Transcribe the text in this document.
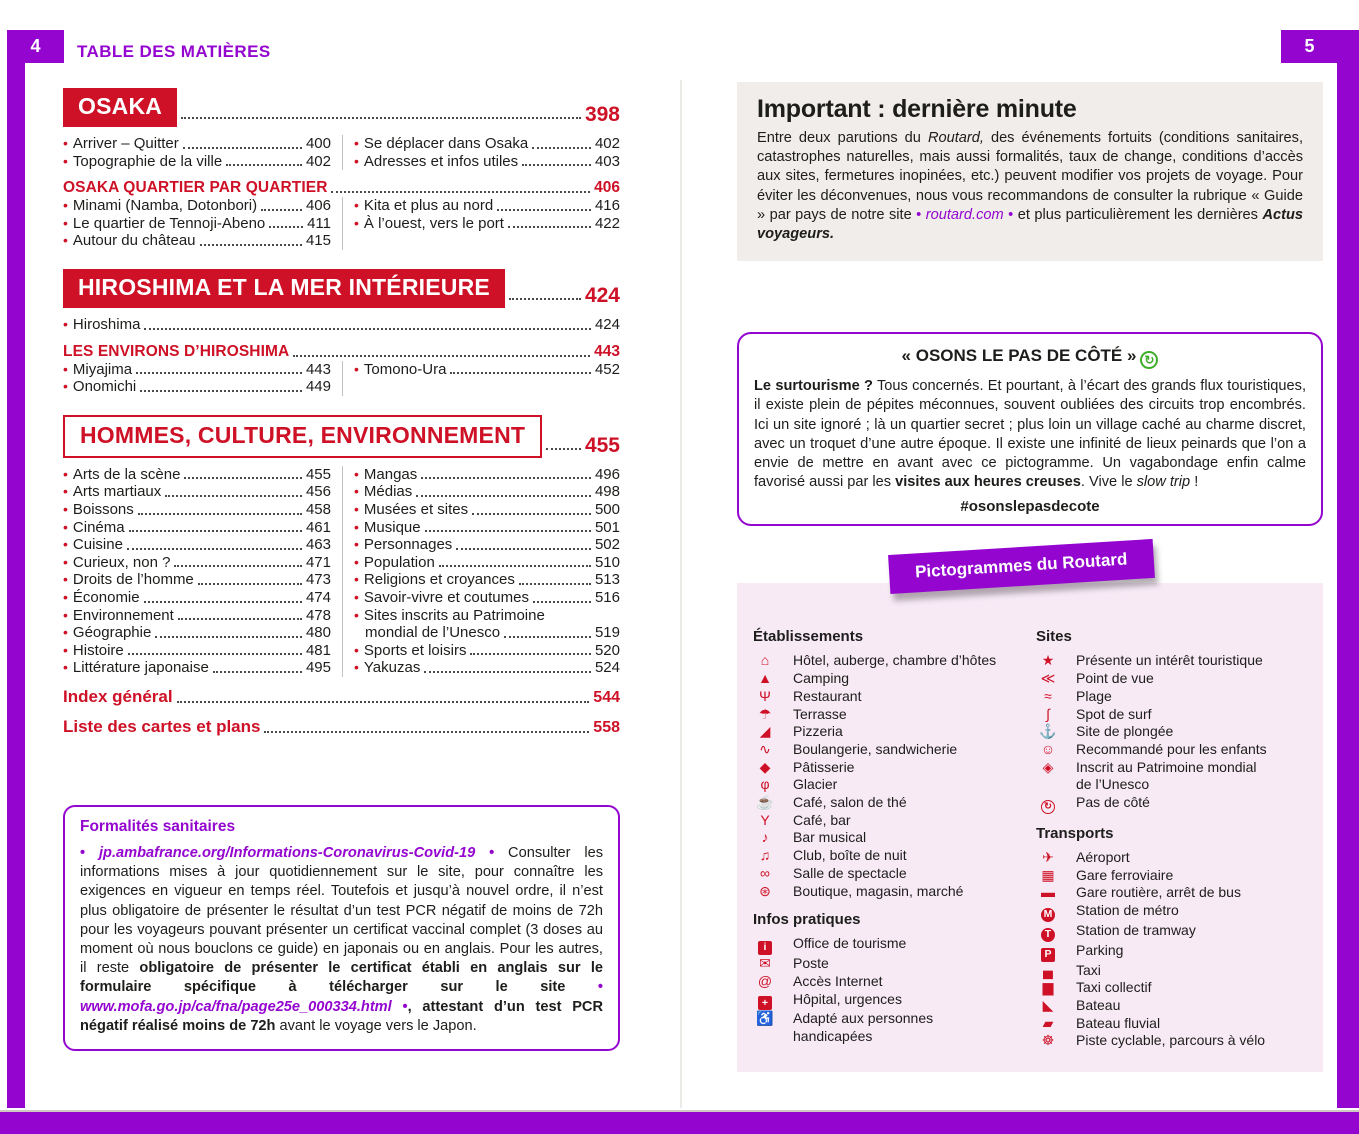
4	5
TABLE DES MATIÈRES
OSAKA	398
• Arriver – Quitter	400
• Topographie de la ville	402
• Se déplacer dans Osaka	402
• Adresses et infos utiles	403
OSAKA QUARTIER PAR QUARTIER	406
• Minami (Namba, Dotonbori)	406
• Le quartier de Tennoji-Abeno	411
• Autour du château	415
• Kita et plus au nord	416
• À l’ouest, vers le port	422
HIROSHIMA ET LA MER INTÉRIEURE	424
• Hiroshima	424
LES ENVIRONS D’HIROSHIMA	443
• Miyajima	443
• Onomichi	449
• Tomono-Ura	452
HOMMES, CULTURE, ENVIRONNEMENT	455
• Arts de la scène	455
• Arts martiaux	456
• Boissons	458
• Cinéma	461
• Cuisine	463
• Curieux, non ?	471
• Droits de l’homme	473
• Économie	474
• Environnement	478
• Géographie	480
• Histoire	481
• Littérature japonaise	495
• Mangas	496
• Médias	498
• Musées et sites	500
• Musique	501
• Personnages	502
• Population	510
• Religions et croyances	513
• Savoir-vivre et coutumes	516
• Sites inscrits au Patrimoine
mondial de l’Unesco	519
• Sports et loisirs	520
• Yakuzas	524
Index général	544
Liste des cartes et plans	558
Formalités sanitaires

• jp.ambafrance.org/Informations-Coronavirus-Covid-19 • Consulter les informations mises à jour quotidiennement sur le site, pour connaître les exigences en vigueur en temps réel. Toutefois et jusqu’à nouvel ordre, il n’est plus obligatoire de présenter le résultat d’un test PCR négatif de moins de 72h pour les voyageurs pouvant présenter un certificat vaccinal complet (3 doses au moment où nous bouclons ce guide) en japonais ou en anglais. Pour les autres, il reste obligatoire de présenter le certificat établi en anglais sur le formulaire spécifique à télécharger sur le site • www.mofa.go.jp/ca/fna/page25e_000334.html •, attestant d’un test PCR négatif réalisé moins de 72h avant le voyage vers le Japon.

Important : dernière minute

Entre deux parutions du Routard, des événements fortuits (conditions sanitaires, catastrophes naturelles, mais aussi formalités, taux de change, conditions d’accès aux sites, fermetures inopinées, etc.) peuvent modifier vos projets de voyage. Pour éviter les déconvenues, nous vous recommandons de consulter la rubrique « Guide » par pays de notre site • routard.com • et plus particulièrement les dernières Actus voyageurs.

« OSONS LE PAS DE CÔTÉ » ↻

Le surtourisme ? Tous concernés. Et pourtant, à l’écart des grands flux touristiques, il existe plein de pépites méconnues, souvent oubliées des circuits trop encombrés. Ici un site ignoré ; là un quartier secret ; plus loin un village caché au charme discret, avec un troquet d’une autre époque. Il existe une infinité de lieux peinards que l’on a envie de mettre en avant avec ce pictogramme. Un vagabondage enfin calme favorisé aussi par les visites aux heures creuses. Vive le slow trip !

#osonslepasdecote
Pictogrammes du Routard
Établissements
⌂	Hôtel, auberge, chambre d’hôtes
▲	Camping
Ψ	Restaurant
☂	Terrasse
◢	Pizzeria
∿	Boulangerie, sandwicherie
◆	Pâtisserie
φ	Glacier
☕ Café, salon de thé
Y	Café, bar
♪	Bar musical
♫	Club, boîte de nuit
∞	Salle de spectacle
⊛	Boutique, magasin, marché
Infos pratiques
i	Office de tourisme
✉	Poste
@	Accès Internet
+	Hôpital, urgences
♿ Adapté aux personnes
handicapées
Sites
★	Présente un intérêt touristique
≪	Point de vue
≈	Plage
∫	Spot de surf
⚓ Site de plongée
☺	Recommandé pour les enfants
◈	Inscrit au Patrimoine mondial
de l’Unesco
↻	Pas de côté
Transports
✈	Aéroport
▦	Gare ferroviaire
▬	Gare routière, arrêt de bus
M	Station de métro
T	Station de tramway
P	Parking
▄	Taxi
▆	Taxi collectif
◣	Bateau
▰	Bateau fluvial
☸	Piste cyclable, parcours à vélo
